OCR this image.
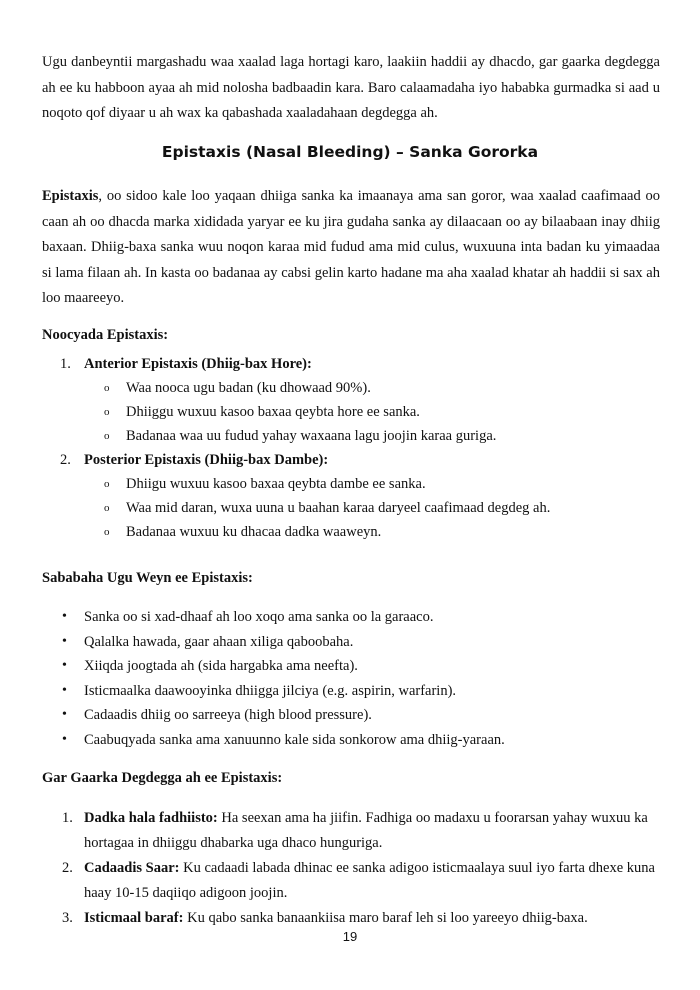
Ugu danbeyntii margashadu waa xaalad laga hortagi karo, laakiin haddii ay dhacdo, gar gaarka degdegga ah ee ku habboon ayaa ah mid nolosha badbaadin kara. Baro calaamadaha iyo hababka gurmadka si aad u noqoto qof diyaar u ah wax ka qabashada xaaladahaan degdegga ah.

Epistaxis (Nasal Bleeding) – Sanka Gororka

Epistaxis, oo sidoo kale loo yaqaan dhiiga sanka ka imaanaya ama san goror, waa xaalad caafimaad oo caan ah oo dhacda marka xididada yaryar ee ku jira gudaha sanka ay dilaacaan oo ay bilaabaan inay dhiig baxaan. Dhiig-baxa sanka wuu noqon karaa mid fudud ama mid culus, wuxuuna inta badan ku yimaadaa si lama filaan ah. In kasta oo badanaa ay cabsi gelin karto hadane ma aha xaalad khatar ah haddii si sax ah loo maareeyo.

Noocyada Epistaxis:
1. Anterior Epistaxis (Dhiig-bax Hore):
o Waa nooca ugu badan (ku dhowaad 90%).
o Dhiiggu wuxuu kasoo baxaa qeybta hore ee sanka.
o Badanaa waa uu fudud yahay waxaana lagu joojin karaa guriga.
2. Posterior Epistaxis (Dhiig-bax Dambe):
o Dhiigu wuxuu kasoo baxaa qeybta dambe ee sanka.
o Waa mid daran, wuxa uuna u baahan karaa daryeel caafimaad degdeg ah.
o Badanaa wuxuu ku dhacaa dadka waaweyn.
Sababaha Ugu Weyn ee Epistaxis:
• Sanka oo si xad-dhaaf ah loo xoqo ama sanka oo la garaaco.
• Qalalka hawada, gaar ahaan xiliga qaboobaha.
• Xiiqda joogtada ah (sida hargabka ama neefta).
• Isticmaalka daawooyinka dhiigga jilciya (e.g. aspirin, warfarin).
• Cadaadis dhiig oo sarreeya (high blood pressure).
• Caabuqyada sanka ama xanuunno kale sida sonkorow ama dhiig-yaraan.
Gar Gaarka Degdegga ah ee Epistaxis:
1. Dadka hala fadhiisto: Ha seexan ama ha jiifin. Fadhiga oo madaxu u foorarsan yahay wuxuu ka hortagaa in dhiiggu dhabarka uga dhaco hunguriga.
2. Cadaadis Saar: Ku cadaadi labada dhinac ee sanka adigoo isticmaalaya suul iyo farta dhexe kuna haay 10-15 daqiiqo adigoon joojin.
3. Isticmaal baraf: Ku qabo sanka banaankiisa maro baraf leh si loo yareeyo dhiig-baxa.
19
